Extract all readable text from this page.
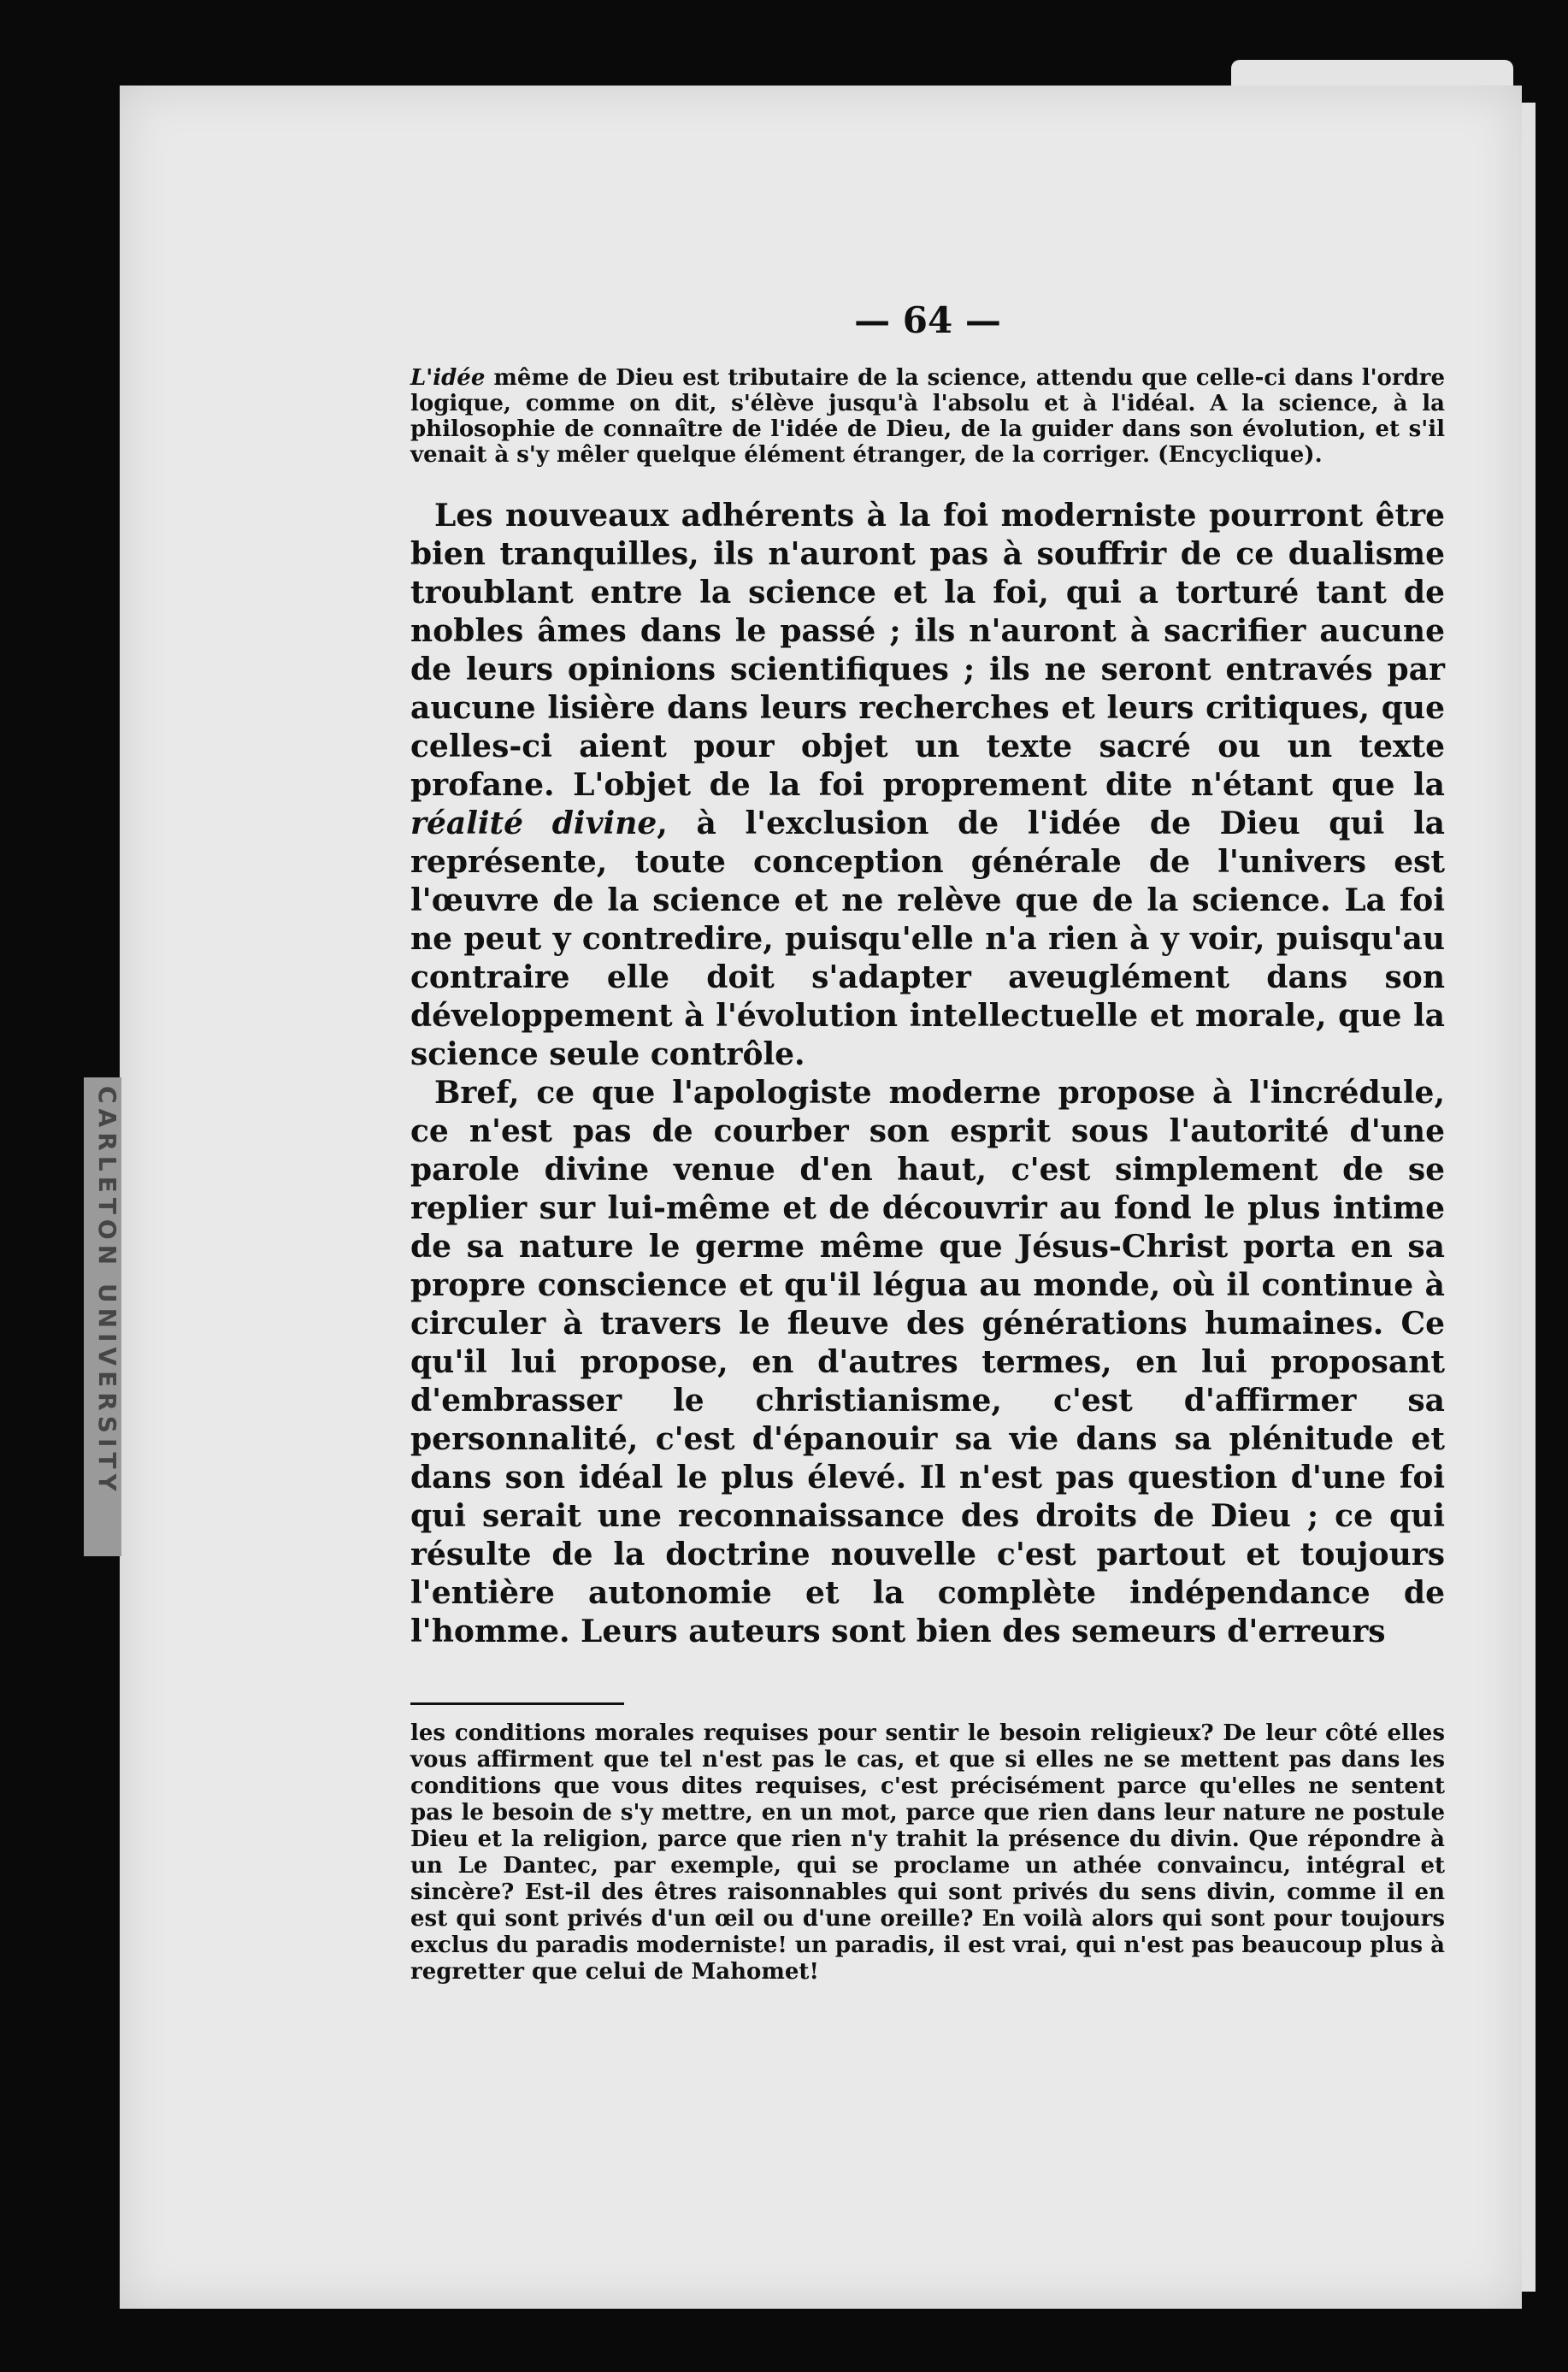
CARLETON UNIVERSITY
— 64 —

L'idée même de Dieu est tributaire de la science, attendu que celle-ci dans l'ordre logique, comme on dit, s'élève jusqu'à l'absolu et à l'idéal. A la science, à la philosophie de connaître de l'idée de Dieu, de la guider dans son évolution, et s'il venait à s'y mêler quelque élément étranger, de la corriger. (Encyclique).

Les nouveaux adhérents à la foi moderniste pourront être bien tranquilles, ils n'auront pas à souffrir de ce dualisme troublant entre la science et la foi, qui a torturé tant de nobles âmes dans le passé ; ils n'auront à sacrifier aucune de leurs opinions scientifiques ; ils ne seront entravés par aucune lisière dans leurs recherches et leurs critiques, que celles-ci aient pour objet un texte sacré ou un texte profane. L'objet de la foi proprement dite n'étant que la réalité divine, à l'exclusion de l'idée de Dieu qui la représente, toute conception générale de l'univers est l'œuvre de la science et ne relève que de la science. La foi ne peut y contredire, puisqu'elle n'a rien à y voir, puisqu'au contraire elle doit s'adapter aveuglément dans son développement à l'évolution intellectuelle et morale, que la science seule contrôle.

Bref, ce que l'apologiste moderne propose à l'incrédule, ce n'est pas de courber son esprit sous l'autorité d'une parole divine venue d'en haut, c'est simplement de se replier sur lui-même et de découvrir au fond le plus intime de sa nature le germe même que Jésus-Christ porta en sa propre conscience et qu'il légua au monde, où il continue à circuler à travers le fleuve des générations humaines. Ce qu'il lui propose, en d'autres termes, en lui proposant d'embrasser le christianisme, c'est d'affirmer sa personnalité, c'est d'épanouir sa vie dans sa plénitude et dans son idéal le plus élevé. Il n'est pas question d'une foi qui serait une reconnaissance des droits de Dieu ; ce qui résulte de la doctrine nouvelle c'est partout et toujours l'entière autonomie et la complète indépendance de l'homme. Leurs auteurs sont bien des semeurs d'erreurs

les conditions morales requises pour sentir le besoin religieux? De leur côté elles vous affirment que tel n'est pas le cas, et que si elles ne se mettent pas dans les conditions que vous dites requises, c'est précisément parce qu'elles ne sentent pas le besoin de s'y mettre, en un mot, parce que rien dans leur nature ne postule Dieu et la religion, parce que rien n'y trahit la présence du divin. Que répondre à un Le Dantec, par exemple, qui se proclame un athée convaincu, intégral et sincère? Est-il des êtres raisonnables qui sont privés du sens divin, comme il en est qui sont privés d'un œil ou d'une oreille? En voilà alors qui sont pour toujours exclus du paradis moderniste! un paradis, il est vrai, qui n'est pas beaucoup plus à regretter que celui de Mahomet!
